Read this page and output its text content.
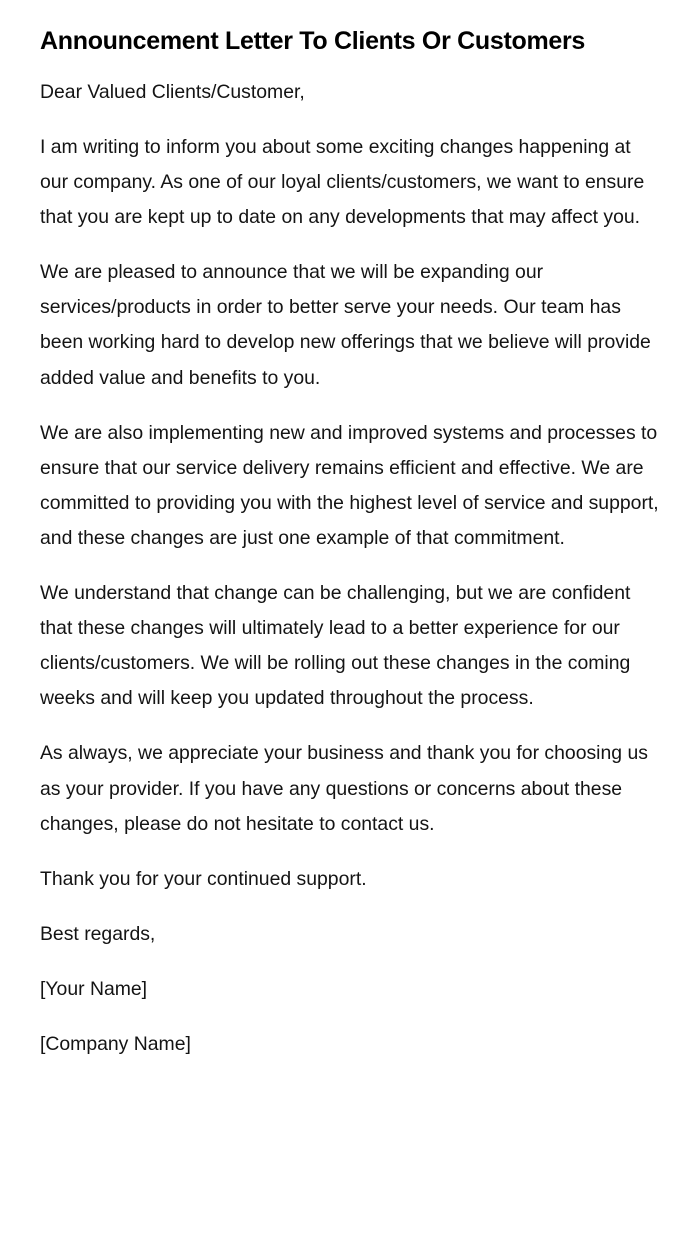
Announcement Letter To Clients Or Customers

Dear Valued Clients/Customer,

I am writing to inform you about some exciting changes happening at our company. As one of our loyal clients/customers, we want to ensure that you are kept up to date on any developments that may affect you.

We are pleased to announce that we will be expanding our services/products in order to better serve your needs. Our team has been working hard to develop new offerings that we believe will provide added value and benefits to you.

We are also implementing new and improved systems and processes to ensure that our service delivery remains efficient and effective. We are committed to providing you with the highest level of service and support, and these changes are just one example of that commitment.

We understand that change can be challenging, but we are confident that these changes will ultimately lead to a better experience for our clients/customers. We will be rolling out these changes in the coming weeks and will keep you updated throughout the process.

As always, we appreciate your business and thank you for choosing us as your provider. If you have any questions or concerns about these changes, please do not hesitate to contact us.

Thank you for your continued support.

Best regards,

[Your Name]

[Company Name]
